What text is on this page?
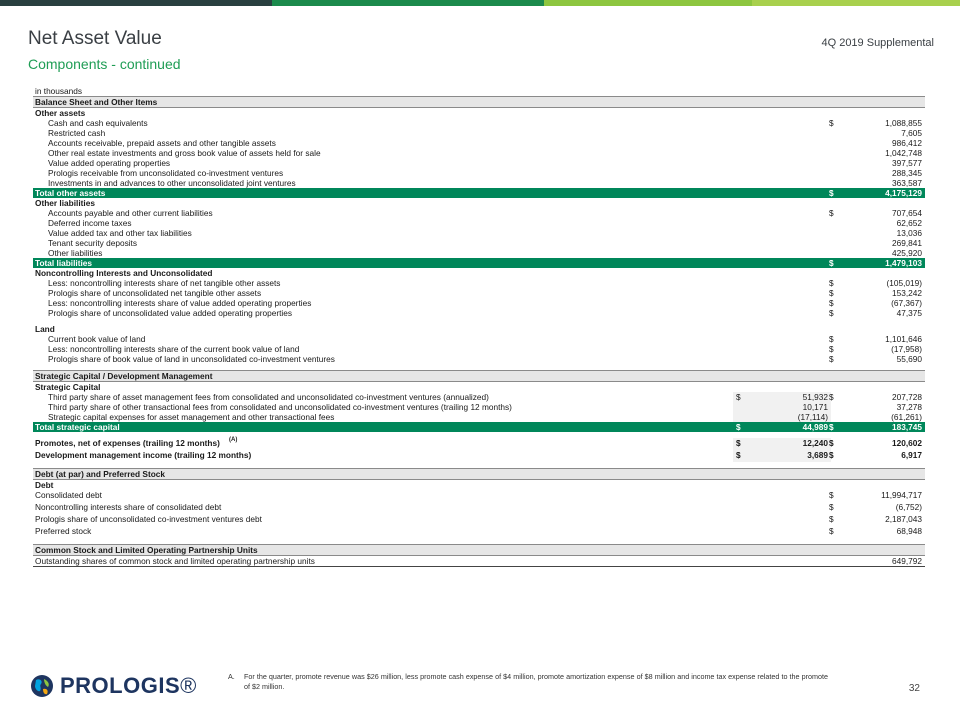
Net Asset Value
Components - continued
4Q 2019 Supplemental
in thousands
Balance Sheet and Other Items
Other assets
Cash and cash equivalents	$	1,088,855
Restricted cash	7,605
Accounts receivable, prepaid assets and other tangible assets	986,412
Other real estate investments and gross book value of assets held for sale	1,042,748
Value added operating properties	397,577
Prologis receivable from unconsolidated co-investment ventures	288,345
Investments in and advances to other unconsolidated joint ventures	363,587
Total other assets	$	4,175,129
Other liabilities
Accounts payable and other current liabilities	$	707,654
Deferred income taxes	62,652
Value added tax and other tax liabilities	13,036
Tenant security deposits	269,841
Other liabilities	425,920
Total liabilities	$	1,479,103
Noncontrolling Interests and Unconsolidated
Less: noncontrolling interests share of net tangible other assets	$	(105,019)
Prologis share of unconsolidated net tangible other assets	$	153,242
Less: noncontrolling interests share of value added operating properties	$	(67,367)
Prologis share of unconsolidated value added operating properties	$	47,375
Land
Current book value of land	$	1,101,646
Less: noncontrolling interests share of the current book value of land	$	(17,958)
Prologis share of book value of land in unconsolidated co-investment ventures	$	55,690
Strategic Capital / Development Management
Strategic Capital
Third party share of asset management fees from consolidated and unconsolidated co-investment ventures (annualized)	$	51,932 $	207,728
Third party share of other transactional fees from consolidated and unconsolidated co-investment ventures (trailing 12 months)	10,171	37,278
Strategic capital expenses for asset management and other transactional fees	(17,114)	(61,261)
Total strategic capital	$	44,989 $	183,745
Promotes, net of expenses (trailing 12 months) (A)	$	12,240 $	120,602
Development management income (trailing 12 months)	$	3,689 $	6,917
Debt (at par) and Preferred Stock
Debt
Consolidated debt	$	11,994,717
Noncontrolling interests share of consolidated debt	$	(6,752)
Prologis share of unconsolidated co-investment ventures debt	$	2,187,043
Preferred stock	$	68,948
Common Stock and Limited Operating Partnership Units
Outstanding shares of common stock and limited operating partnership units	649,792
A. For the quarter, promote revenue was $26 million, less promote cash expense of $4 million, promote amortization expense of $8 million and income tax expense related to the promote of $2 million.
PROLOGIS®	32
